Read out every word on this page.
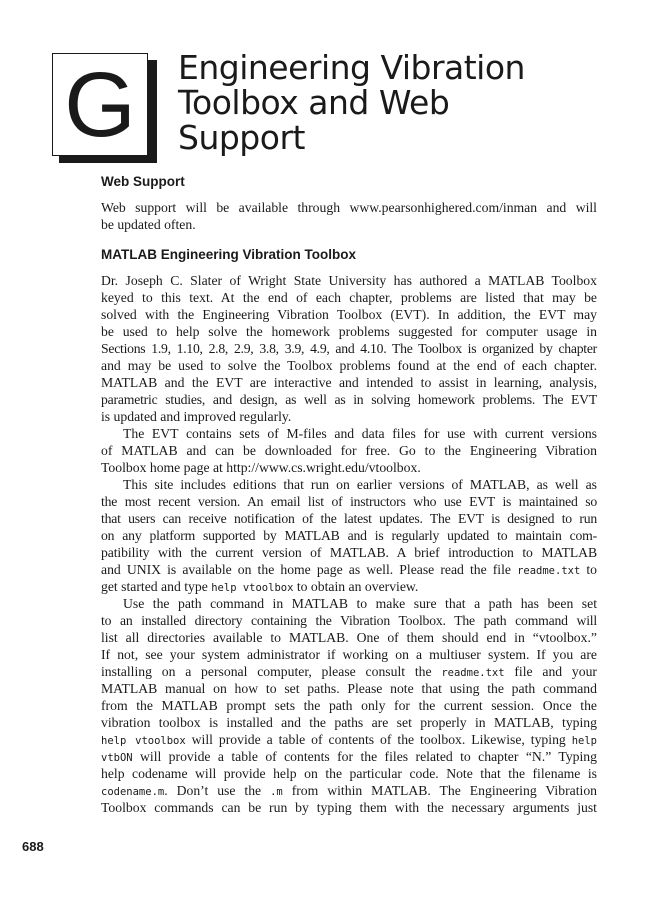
G	Engineering Vibration
Toolbox and Web
Support
Web Support
Web support will be available through www.pearsonhighered.com/inman and will
be updated often.
MATLAB Engineering Vibration Toolbox
Dr. Joseph C. Slater of Wright State University has authored a MATLAB Toolbox
keyed to this text. At the end of each chapter, problems are listed that may be
solved with the Engineering Vibration Toolbox (EVT). In addition, the EVT may
be used to help solve the homework problems suggested for computer usage in
Sections 1.9, 1.10, 2.8, 2.9, 3.8, 3.9, 4.9, and 4.10. The Toolbox is organized by chapter
and may be used to solve the Toolbox problems found at the end of each chapter.
MATLAB and the EVT are interactive and intended to assist in learning, analysis,
parametric studies, and design, as well as in solving homework problems. The EVT
is updated and improved regularly.
The EVT contains sets of M-files and data files for use with current versions
of MATLAB and can be downloaded for free. Go to the Engineering Vibration
Toolbox home page at http://www.cs.wright.edu/vtoolbox.
This site includes editions that run on earlier versions of MATLAB, as well as
the most recent version. An email list of instructors who use EVT is maintained so
that users can receive notification of the latest updates. The EVT is designed to run
on any platform supported by MATLAB and is regularly updated to maintain com-
patibility with the current version of MATLAB. A brief introduction to MATLAB
and UNIX is available on the home page as well. Please read the file readme.txt to
get started and type help vtoolbox to obtain an overview.
Use the path command in MATLAB to make sure that a path has been set
to an installed directory containing the Vibration Toolbox. The path command will
list all directories available to MATLAB. One of them should end in “vtoolbox.”
If not, see your system administrator if working on a multiuser system. If you are
installing on a personal computer, please consult the readme.txt file and your
MATLAB manual on how to set paths. Please note that using the path command
from the MATLAB prompt sets the path only for the current session. Once the
vibration toolbox is installed and the paths are set properly in MATLAB, typing
help vtoolbox will provide a table of contents of the toolbox. Likewise, typing help
vtbON will provide a table of contents for the files related to chapter “N.” Typing
help codename will provide help on the particular code. Note that the filename is
codename.m. Don’t use the .m from within MATLAB. The Engineering Vibration
Toolbox commands can be run by typing them with the necessary arguments just

688
